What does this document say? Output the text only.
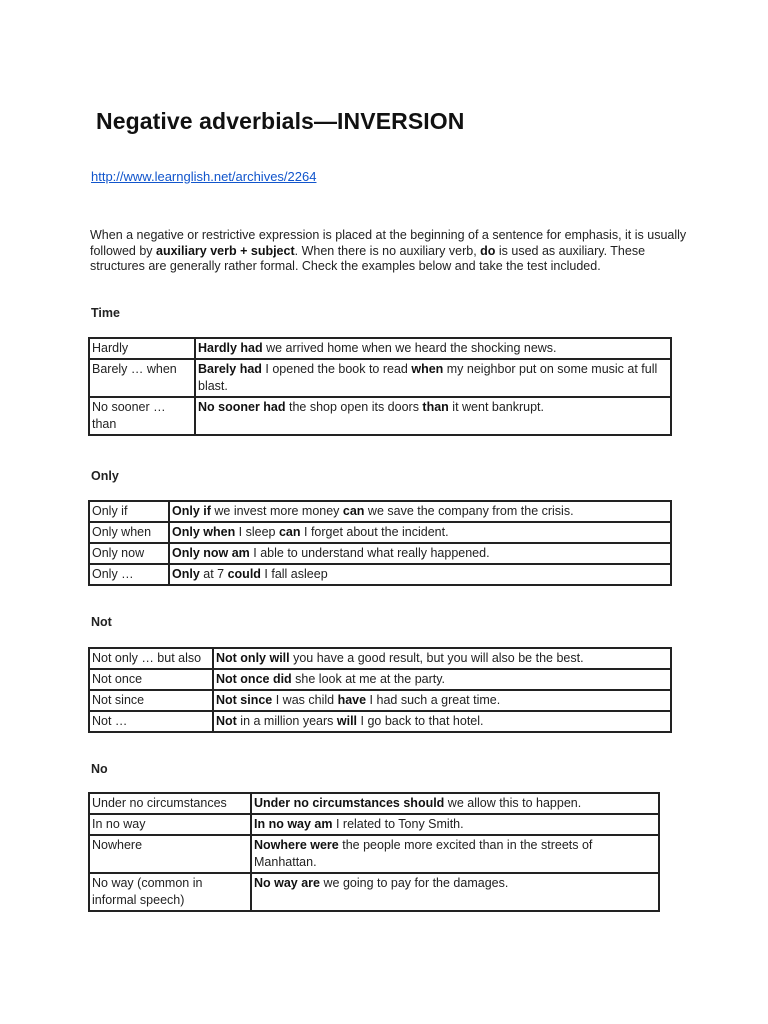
Negative adverbials—INVERSION
http://www.learnglish.net/archives/2264
When a negative or restrictive expression is placed at the beginning of a sentence for emphasis, it is usually followed by auxiliary verb + subject. When there is no auxiliary verb, do is used as auxiliary. These structures are generally rather formal. Check the examples below and take the test included.
Time
Hardly	Hardly had we arrived home when we heard the shocking news.
Barely … when	Barely had I opened the book to read when my neighbor put on some music at full blast.
No sooner … than	No sooner had the shop open its doors than it went bankrupt.
Only
Only if	Only if we invest more money can we save the company from the crisis.
Only when	Only when I sleep can I forget about the incident.
Only now	Only now am I able to understand what really happened.
Only …	Only at 7 could I fall asleep
Not
Not only … but also	Not only will you have a good result, but you will also be the best.
Not once	Not once did she look at me at the party.
Not since	Not since I was child have I had such a great time.
Not …	Not in a million years will I go back to that hotel.
No
Under no circumstances	Under no circumstances should we allow this to happen.
In no way	In no way am I related to Tony Smith.
Nowhere	Nowhere were the people more excited than in the streets of Manhattan.
No way (common in informal speech)	No way are we going to pay for the damages.
